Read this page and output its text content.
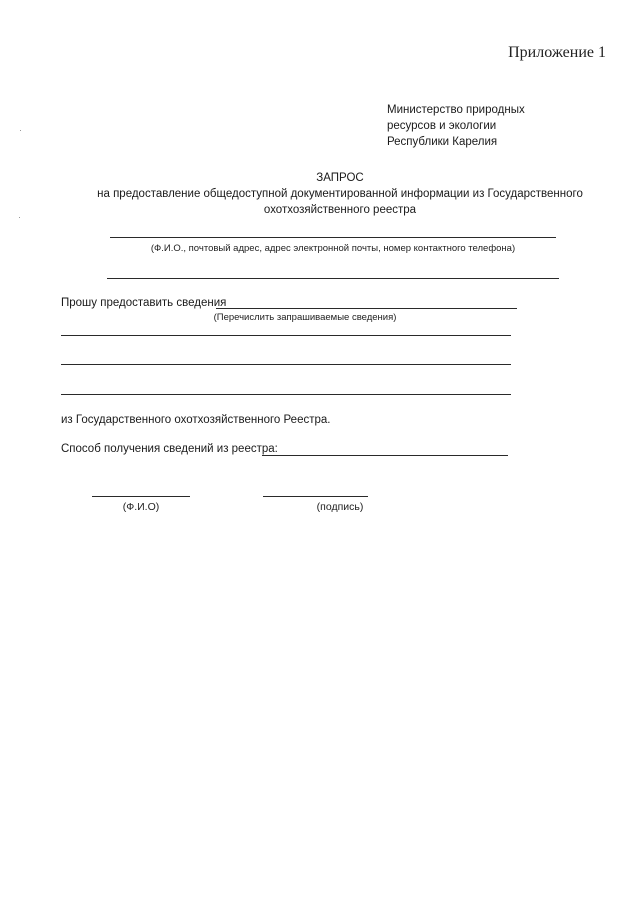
Приложение 1
Министерство природных
ресурсов и экологии
Республики Карелия
ЗАПРОС
на предоставление общедоступной документированной информации из Государственного
охотхозяйственного реестра
(Ф.И.О., почтовый адрес, адрес электронной почты, номер контактного телефона)
Прошу предоставить сведения
(Перечислить запрашиваемые сведения)
из Государственного охотхозяйственного Реестра.
Способ получения сведений из реестра:
(Ф.И.О)	(подпись)
